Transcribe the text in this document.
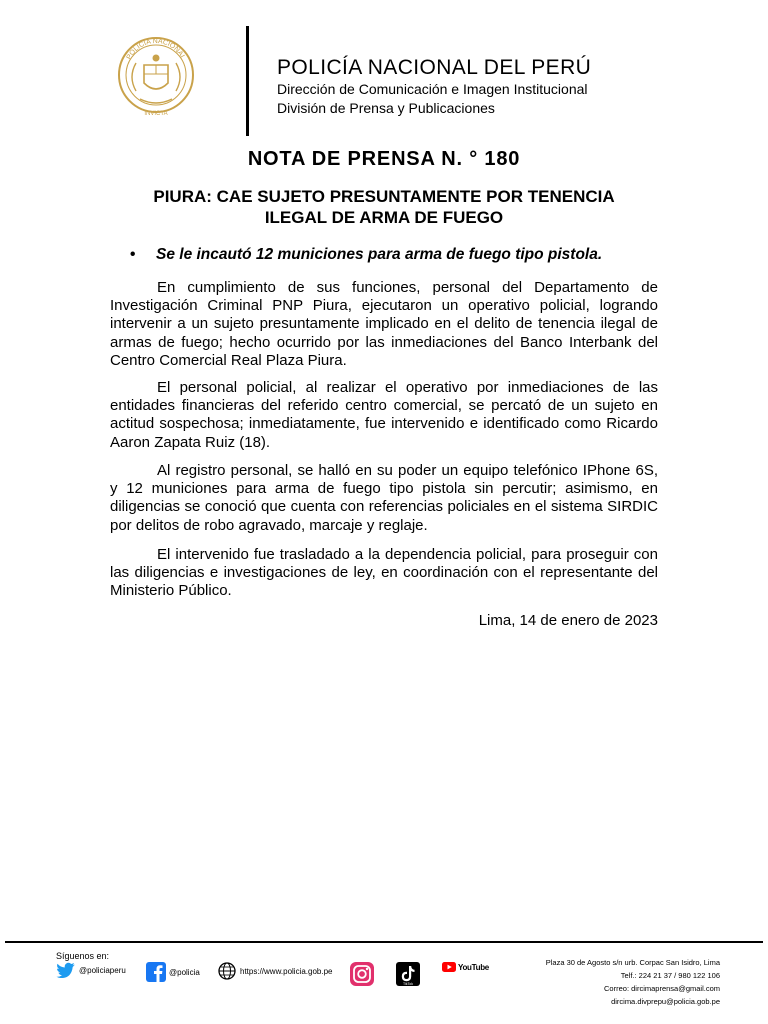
POLICÍA NACIONAL
INVICTA
POLICÍA NACIONAL DEL PERÚ
Dirección de Comunicación e Imagen Institucional
División de Prensa y Publicaciones
NOTA DE PRENSA N. ° 180
PIURA: CAE SUJETO PRESUNTAMENTE POR TENENCIA
ILEGAL DE ARMA DE FUEGO
• Se le incautó 12 municiones para arma de fuego tipo pistola.

En cumplimiento de sus funciones, personal del Departamento de Investigación Criminal PNP Piura, ejecutaron un operativo policial, logrando intervenir a un sujeto presuntamente implicado en el delito de tenencia ilegal de armas de fuego; hecho ocurrido por las inmediaciones del Banco Interbank del Centro Comercial Real Plaza Piura.

El personal policial, al realizar el operativo por inmediaciones de las entidades financieras del referido centro comercial, se percató de un sujeto en actitud sospechosa; inmediatamente, fue intervenido e identificado como Ricardo Aaron Zapata Ruiz (18).

Al registro personal, se halló en su poder un equipo telefónico IPhone 6S, y 12 municiones para arma de fuego tipo pistola sin percutir; asimismo, en diligencias se conoció que cuenta con referencias policiales en el sistema SIRDIC por delitos de robo agravado, marcaje y reglaje.

El intervenido fue trasladado a la dependencia policial, para proseguir con las diligencias e investigaciones de ley, en coordinación con el representante del Ministerio Público.

Lima, 14 de enero de 2023
Síguenos en:
@policiaperu	@policia	https://www.policia.gob.pe
TikTok
YouTube	Plaza 30 de Agosto s/n urb. Corpac San Isidro, Lima
Telf.: 224 21 37 / 980 122 106
Correo: dircimaprensa@gmail.com
dircima.divprepu@policia.gob.pe
